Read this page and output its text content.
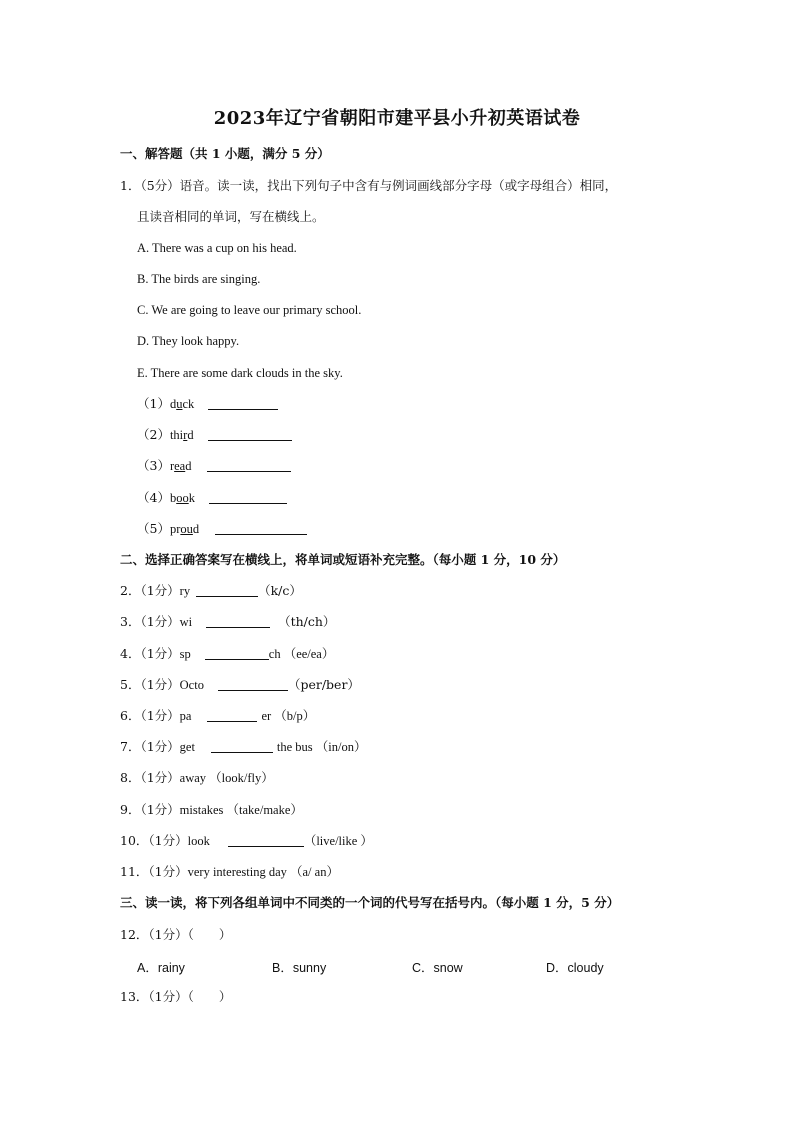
2023年辽宁省朝阳市建平县小升初英语试卷
一、解答题（共 1 小题，满分 5 分）
1．（5分）语音。读一读，找出下列句子中含有与例词画线部分字母（或字母组合）相同，
且读音相同的单词，写在横线上。
A. There was a cup on his head.
B. The birds are singing.
C. We are going to leave our primary school.
D. They look happy.
E. There are some dark clouds in the sky.
（1）duck
（2）third
（3）read
（4）book
（5）proud
二、选择正确答案写在横线上，将单词或短语补充完整。（每小题 1 分，10 分）
2．（1分）ry	（k/c）
3．（1分）wi	（th/ch）
4．（1分）sp	ch （ee/ea）
5．（1分）Octo	（per/ber）
6．（1分）pa	er （b/p）
7．（1分）get	the bus （in/on）
8．（1分）away （look/fly）
9．（1分）mistakes （take/make）
10．（1分）look	（live/like ）
11．（1分）very interesting day （a/ an）
三、读一读，将下列各组单词中不同类的一个词的代号写在括号内。（每小题 1 分，5 分）
12．（1分）（　　）
A．rainy	B．sunny	C．snow	D．cloudy
13．（1分）（　　）
